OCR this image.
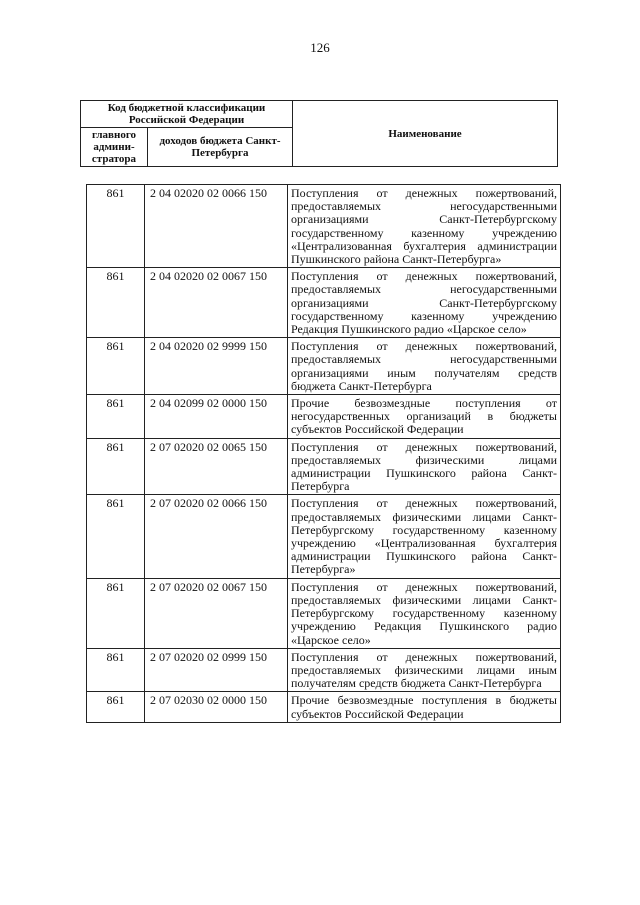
126
Код бюджетной классификации Российской Федерации		Наименование
главного админи-стратора	доходов бюджета Санкт-Петербурга	
861	2 04 02020 02 0066 150	Поступления от денежных пожертвований, предоставляемых негосударственными организациями Санкт-Петербургскому государственному казенному учреждению «Централизованная бухгалтерия администрации Пушкинского района Санкт-Петербурга»
861	2 04 02020 02 0067 150	Поступления от денежных пожертвований, предоставляемых негосударственными организациями Санкт-Петербургскому государственному казенному учреждению Редакция Пушкинского радио «Царское село»
861	2 04 02020 02 9999 150	Поступления от денежных пожертвований, предоставляемых негосударственными организациями иным получателям средств бюджета Санкт-Петербурга
861	2 04 02099 02 0000 150	Прочие безвозмездные поступления от негосударственных организаций в бюджеты субъектов Российской Федерации
861	2 07 02020 02 0065 150	Поступления от денежных пожертвований, предоставляемых физическими лицами администрации Пушкинского района Санкт-Петербурга
861	2 07 02020 02 0066 150	Поступления от денежных пожертвований, предоставляемых физическими лицами Санкт-Петербургскому государственному казенному учреждению «Централизованная бухгалтерия администрации Пушкинского района Санкт-Петербурга»
861	2 07 02020 02 0067 150	Поступления от денежных пожертвований, предоставляемых физическими лицами Санкт-Петербургскому государственному казенному учреждению Редакция Пушкинского радио «Царское село»
861	2 07 02020 02 0999 150	Поступления от денежных пожертвований, предоставляемых физическими лицами иным получателям средств бюджета Санкт-Петербурга
861	2 07 02030 02 0000 150	Прочие безвозмездные поступления в бюджеты субъектов Российской Федерации
